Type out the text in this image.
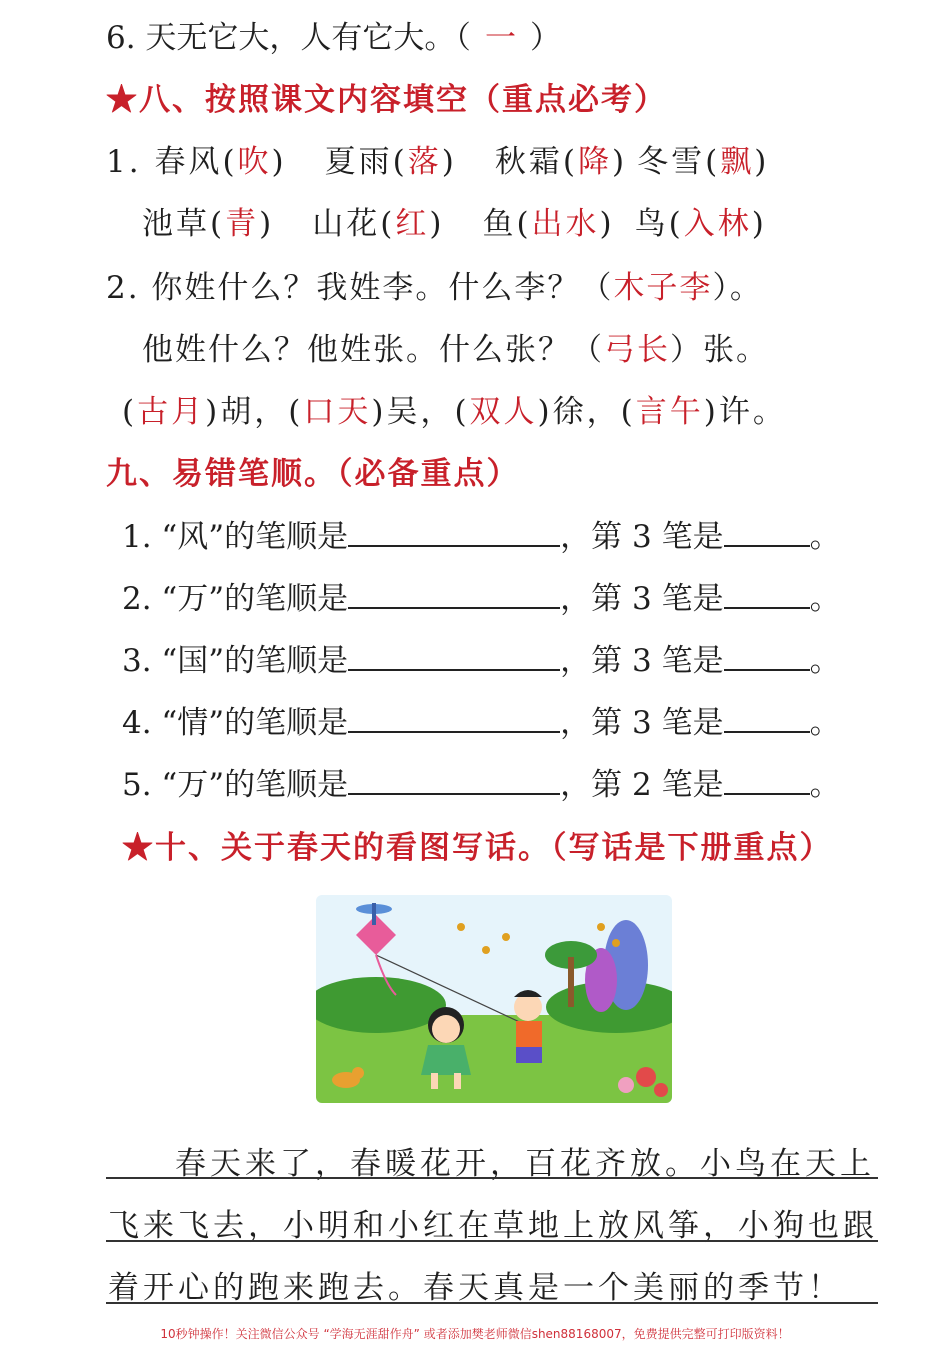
6. 天无它大，人有它大。（ 一 ）
★八、按照课文内容填空（重点必考）
1. 春风(吹) 夏雨(落) 秋霜(降) 冬雪(飘)
池草(青) 山花(红) 鱼(出水) 鸟(入林)
2. 你姓什么？我姓李。什么李？（木子李）。
他姓什么？他姓张。什么张？（弓长）张。
(古月)胡，(口天)吴，(双人)徐，(言午)许。
九、易错笔顺。（必备重点）
1. “风”的笔顺是	，第 3 笔是	。
2. “万”的笔顺是	，第 3 笔是	。
3. “国”的笔顺是	，第 3 笔是	。
4. “情”的笔顺是	，第 3 笔是	。
5. “万”的笔顺是	，第 2 笔是	。
★十、关于春天的看图写话。（写话是下册重点）
　春天来了，春暖花开，百花齐放。小鸟在天上
飞来飞去，小明和小红在草地上放风筝，小狗也跟
着开心的跑来跑去。春天真是一个美丽的季节！
10秒钟操作！关注微信公众号 “学海无涯甜作舟” 或者添加樊老师微信shen88168007，免费提供完整可打印版资料！
